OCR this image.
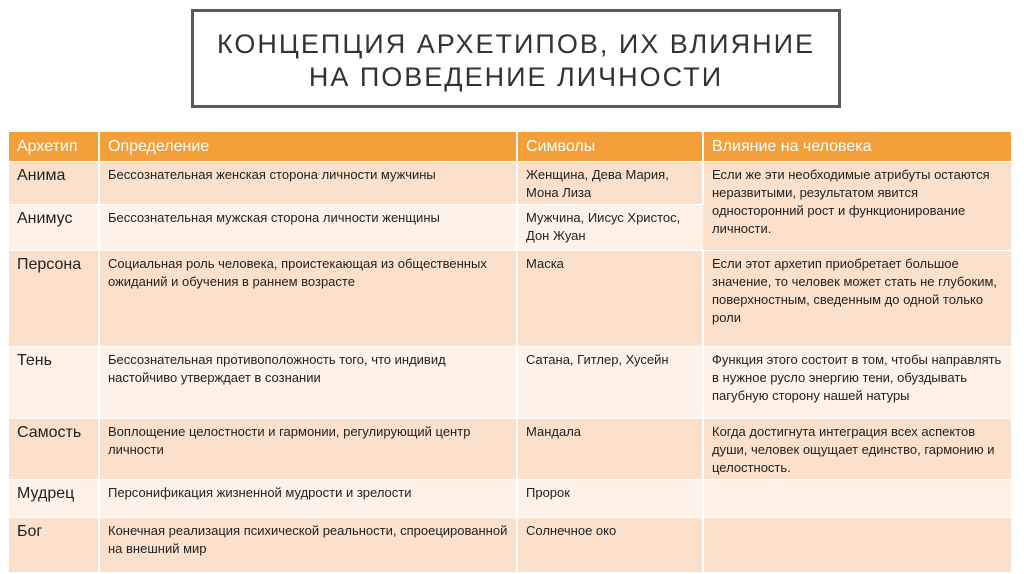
КОНЦЕПЦИЯ АРХЕТИПОВ, ИХ ВЛИЯНИЕ
НА ПОВЕДЕНИЕ ЛИЧНОСТИ
Архетип	Определение	Символы	Влияние на человека
Анима	Бессознательная женская сторона личности мужчины	Женщина, Дева Мария, Мона Лиза	Если же эти необходимые атрибуты остаются неразвитыми, результатом явится односторонний рост и функционирование личности.
Анимус	Бессознательная мужская сторона личности женщины	Мужчина, Иисус Христос, Дон Жуан	
Персона	Социальная роль человека, проистекающая из общественных ожиданий и обучения в раннем возрасте	Маска	Если этот архетип приобретает большое значение, то человек может стать не глубоким, поверхностным, сведенным до одной только роли
Тень	Бессознательная противоположность того, что индивид настойчиво утверждает в сознании	Сатана, Гитлер, Хусейн	Функция этого состоит в том, чтобы направлять в нужное русло энергию тени, обуздывать пагубную сторону нашей натуры
Самость	Воплощение целостности и гармонии, регулирующий центр личности	Мандала	Когда достигнута интеграция всех аспектов души, человек ощущает единство, гармонию и целостность.
Мудрец	Персонификация жизненной мудрости и зрелости	Пророк	
Бог	Конечная реализация психической реальности, спроецированной на внешний мир	Солнечное око	
